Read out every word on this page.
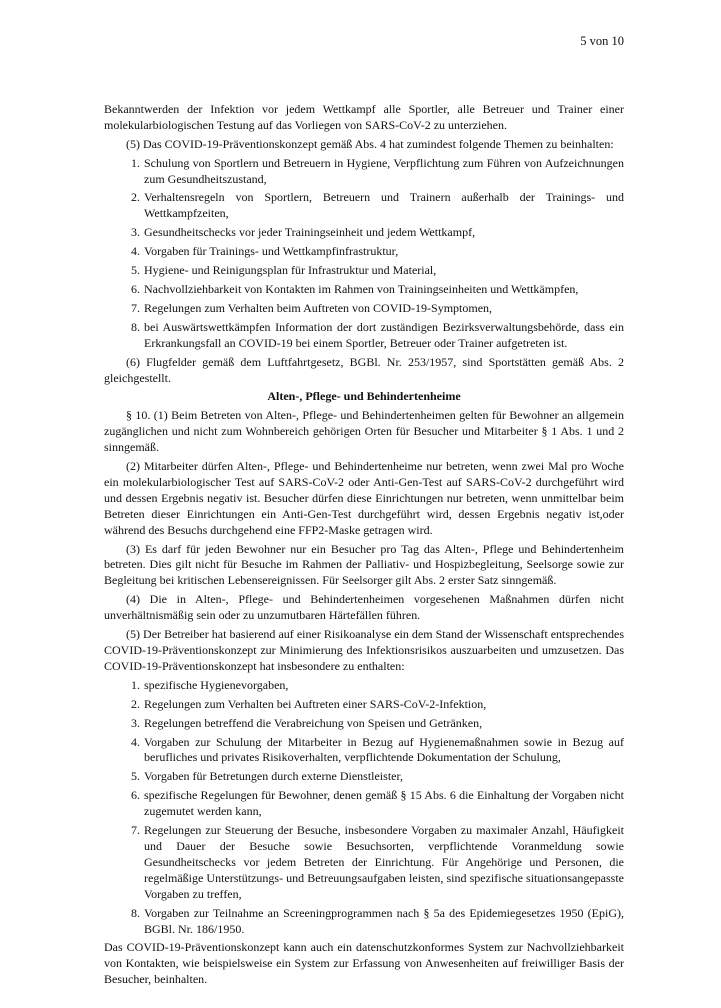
5 von 10

Bekanntwerden der Infektion vor jedem Wettkampf alle Sportler, alle Betreuer und Trainer einer molekularbiologischen Testung auf das Vorliegen von SARS-CoV-2 zu unterziehen.

(5) Das COVID-19-Präventionskonzept gemäß Abs. 4 hat zumindest folgende Themen zu beinhalten:

1. Schulung von Sportlern und Betreuern in Hygiene, Verpflichtung zum Führen von Aufzeichnungen zum Gesundheitszustand,
2. Verhaltensregeln von Sportlern, Betreuern und Trainern außerhalb der Trainings- und Wettkampfzeiten,
3. Gesundheitschecks vor jeder Trainingseinheit und jedem Wettkampf,
4. Vorgaben für Trainings- und Wettkampfinfrastruktur,
5. Hygiene- und Reinigungsplan für Infrastruktur und Material,
6. Nachvollziehbarkeit von Kontakten im Rahmen von Trainingseinheiten und Wettkämpfen,
7. Regelungen zum Verhalten beim Auftreten von COVID-19-Symptomen,
8. bei Auswärtswettkämpfen Information der dort zuständigen Bezirksverwaltungsbehörde, dass ein Erkrankungsfall an COVID-19 bei einem Sportler, Betreuer oder Trainer aufgetreten ist.

(6) Flugfelder gemäß dem Luftfahrtgesetz, BGBl. Nr. 253/1957, sind Sportstätten gemäß Abs. 2 gleichgestellt.

Alten-, Pflege- und Behindertenheime

§ 10. (1) Beim Betreten von Alten-, Pflege- und Behindertenheimen gelten für Bewohner an allgemein zugänglichen und nicht zum Wohnbereich gehörigen Orten für Besucher und Mitarbeiter § 1 Abs. 1 und 2 sinngemäß.

(2) Mitarbeiter dürfen Alten-, Pflege- und Behindertenheime nur betreten, wenn zwei Mal pro Woche ein molekularbiologischer Test auf SARS-CoV-2 oder Anti-Gen-Test auf SARS-CoV-2 durchgeführt wird und dessen Ergebnis negativ ist. Besucher dürfen diese Einrichtungen nur betreten, wenn unmittelbar beim Betreten dieser Einrichtungen ein Anti-Gen-Test durchgeführt wird, dessen Ergebnis negativ ist,oder während des Besuchs durchgehend eine FFP2-Maske getragen wird.

(3) Es darf für jeden Bewohner nur ein Besucher pro Tag das Alten-, Pflege und Behindertenheim betreten. Dies gilt nicht für Besuche im Rahmen der Palliativ- und Hospizbegleitung, Seelsorge sowie zur Begleitung bei kritischen Lebensereignissen. Für Seelsorger gilt Abs. 2 erster Satz sinngemäß.

(4) Die in Alten-, Pflege- und Behindertenheimen vorgesehenen Maßnahmen dürfen nicht unverhältnismäßig sein oder zu unzumutbaren Härtefällen führen.

(5) Der Betreiber hat basierend auf einer Risikoanalyse ein dem Stand der Wissenschaft entsprechendes COVID-19-Präventionskonzept zur Minimierung des Infektionsrisikos auszuarbeiten und umzusetzen. Das COVID-19-Präventionskonzept hat insbesondere zu enthalten:

1. spezifische Hygienevorgaben,
2. Regelungen zum Verhalten bei Auftreten einer SARS-CoV-2-Infektion,
3. Regelungen betreffend die Verabreichung von Speisen und Getränken,
4. Vorgaben zur Schulung der Mitarbeiter in Bezug auf Hygienemaßnahmen sowie in Bezug auf berufliches und privates Risikoverhalten, verpflichtende Dokumentation der Schulung,
5. Vorgaben für Betretungen durch externe Dienstleister,
6. spezifische Regelungen für Bewohner, denen gemäß § 15 Abs. 6 die Einhaltung der Vorgaben nicht zugemutet werden kann,
7. Regelungen zur Steuerung der Besuche, insbesondere Vorgaben zu maximaler Anzahl, Häufigkeit und Dauer der Besuche sowie Besuchsorten, verpflichtende Voranmeldung sowie Gesundheitschecks vor jedem Betreten der Einrichtung. Für Angehörige und Personen, die regelmäßige Unterstützungs- und Betreuungsaufgaben leisten, sind spezifische situationsangepasste Vorgaben zu treffen,
8. Vorgaben zur Teilnahme an Screeningprogrammen nach § 5a des Epidemiegesetzes 1950 (EpiG), BGBl. Nr. 186/1950.

Das COVID-19-Präventionskonzept kann auch ein datenschutzkonformes System zur Nachvollziehbarkeit von Kontakten, wie beispielsweise ein System zur Erfassung von Anwesenheiten auf freiwilliger Basis der Besucher, beinhalten.
